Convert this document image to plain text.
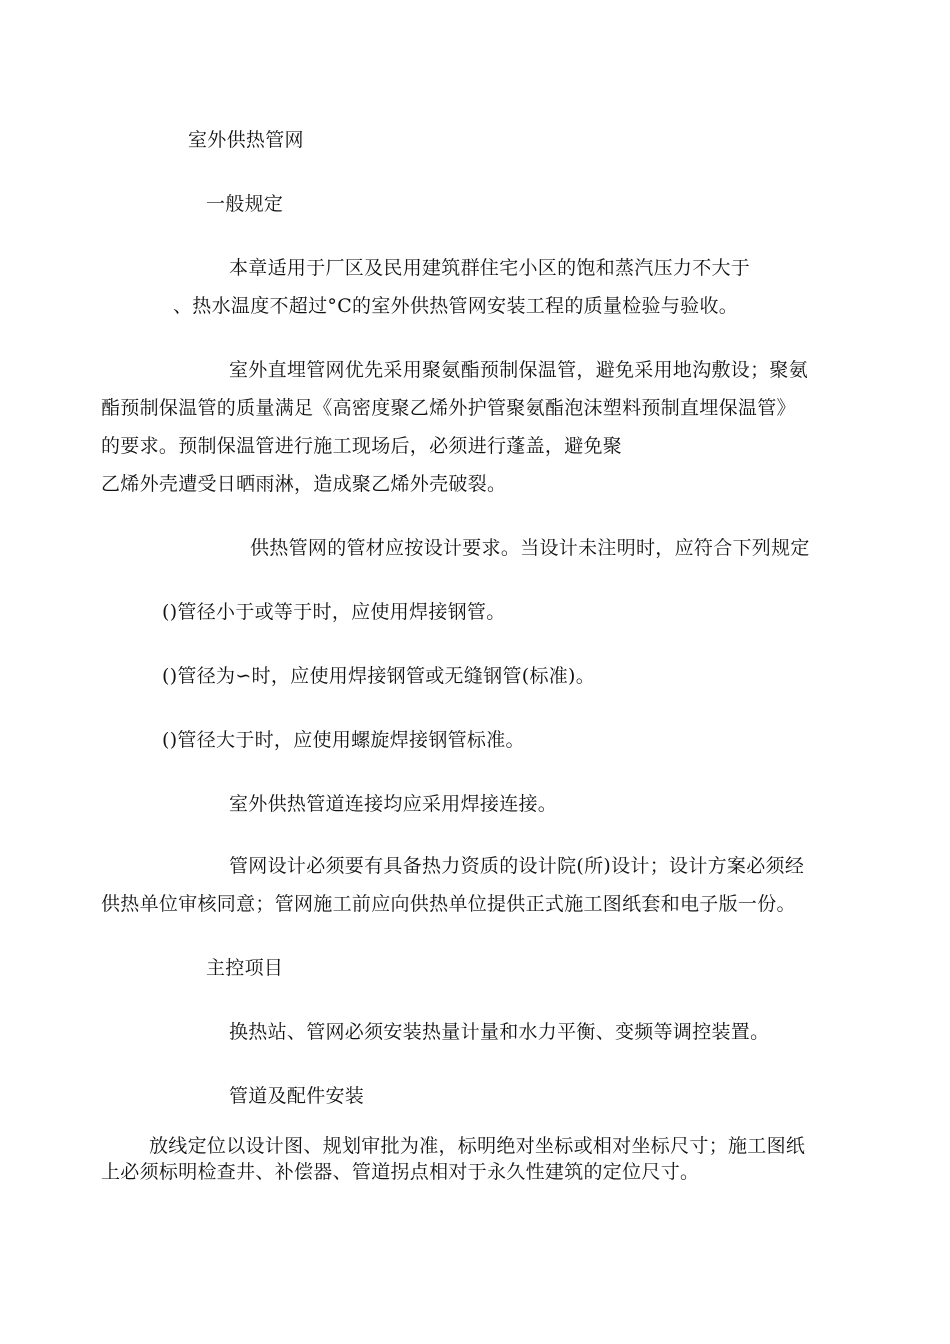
室外供热管网
一般规定
本章适用于厂区及民用建筑群住宅小区的饱和蒸汽压力不大于
、热水温度不超过°C的室外供热管网安装工程的质量检验与验收。
室外直埋管网优先采用聚氨酯预制保温管，避免采用地沟敷设；聚氨
酯预制保温管的质量满足《高密度聚乙烯外护管聚氨酯泡沫塑料预制直埋保温管》
的要求。预制保温管进行施工现场后，必须进行蓬盖，避免聚
乙烯外壳遭受日晒雨淋，造成聚乙烯外壳破裂。
供热管网的管材应按设计要求。当设计未注明时，应符合下列规定
()管径小于或等于时，应使用焊接钢管。
()管径为∽时，应使用焊接钢管或无缝钢管(标准)。
()管径大于时，应使用螺旋焊接钢管标准。
室外供热管道连接均应采用焊接连接。
管网设计必须要有具备热力资质的设计院(所)设计；设计方案必须经
供热单位审核同意；管网施工前应向供热单位提供正式施工图纸套和电子版一份。
主控项目
换热站、管网必须安装热量计量和水力平衡、变频等调控装置。
管道及配件安装
放线定位以设计图、规划审批为准，标明绝对坐标或相对坐标尺寸；施工图纸
上必须标明检查井、补偿器、管道拐点相对于永久性建筑的定位尺寸。
